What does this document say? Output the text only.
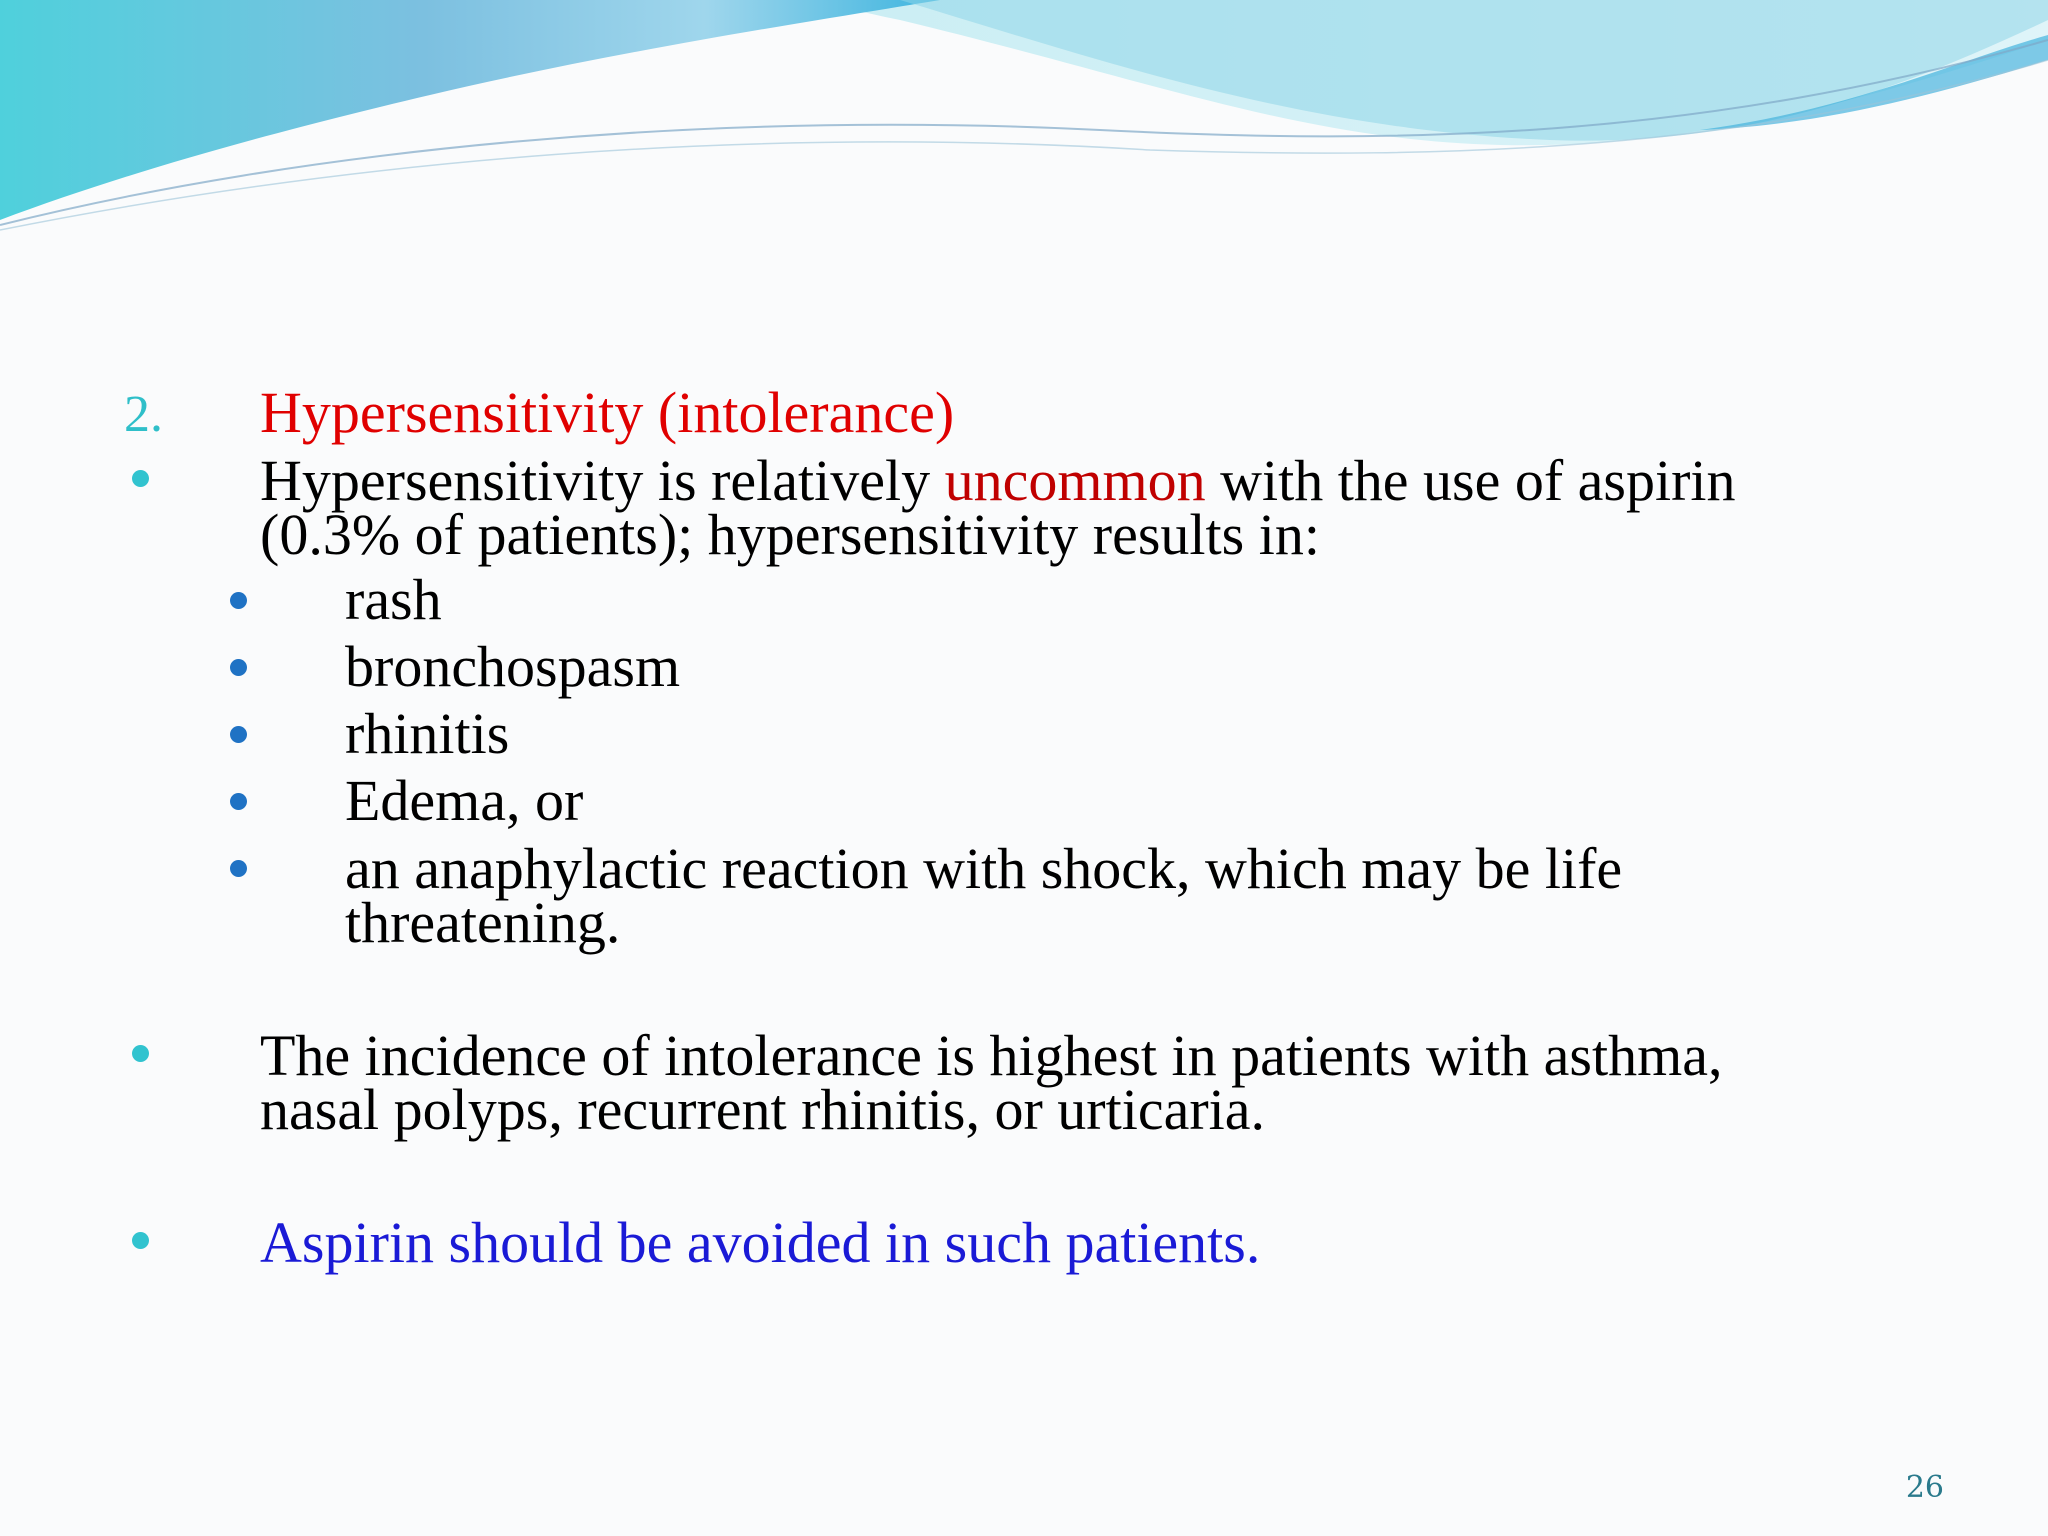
2. Hypersensitivity (intolerance)
Hypersensitivity is relatively uncommon with the use of aspirin
(0.3% of patients); hypersensitivity results in:
rash
bronchospasm
rhinitis
Edema, or
an anaphylactic reaction with shock, which may be life
threatening.
The incidence of intolerance is highest in patients with asthma,
nasal polyps, recurrent rhinitis, or urticaria.
Aspirin should be avoided in such patients.
26
